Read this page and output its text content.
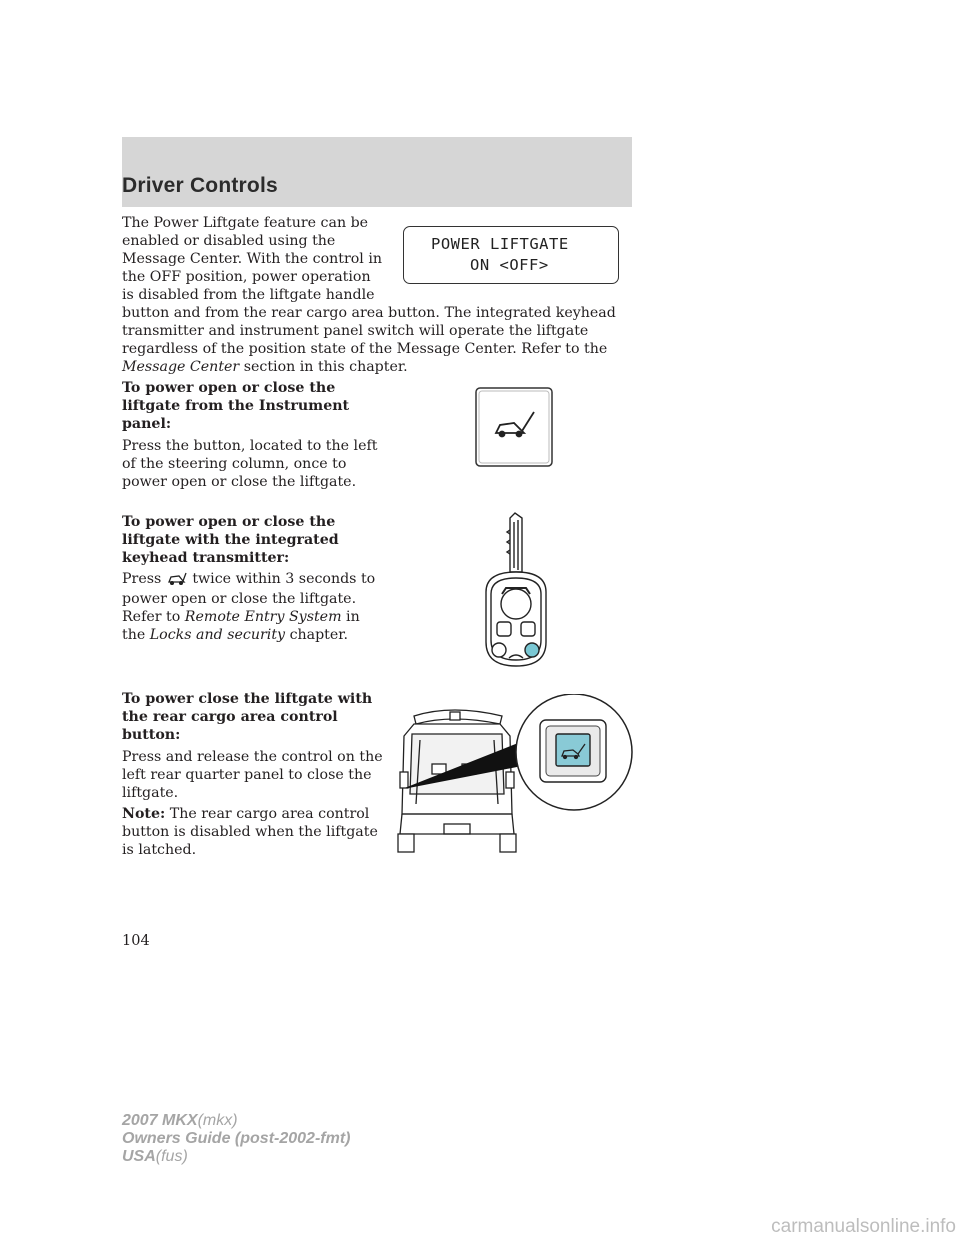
Driver Controls

The Power Liftgate feature can be

enabled or disabled using the

Message Center. With the control in

the OFF position, power operation

is disabled from the liftgate handle

button and from the rear cargo area button. The integrated keyhead

transmitter and instrument panel switch will operate the liftgate

regardless of the position state of the Message Center. Refer to the

Message Center section in this chapter.

POWER LIFTGATE
ON <OFF>

To power open or close the

liftgate from the Instrument

panel:

Press the button, located to the left

of the steering column, once to

power open or close the liftgate.

To power open or close the

liftgate with the integrated

keyhead transmitter:

Press twice within 3 seconds to

power open or close the liftgate.

Refer to Remote Entry System in

the Locks and security chapter.

To power close the liftgate with

the rear cargo area control

button:

Press and release the control on the

left rear quarter panel to close the

liftgate.

Note: The rear cargo area control

button is disabled when the liftgate

is latched.

104
2007 MKX(mkx)
Owners Guide (post-2002-fmt)
USA(fus)
carmanualsonline.info
